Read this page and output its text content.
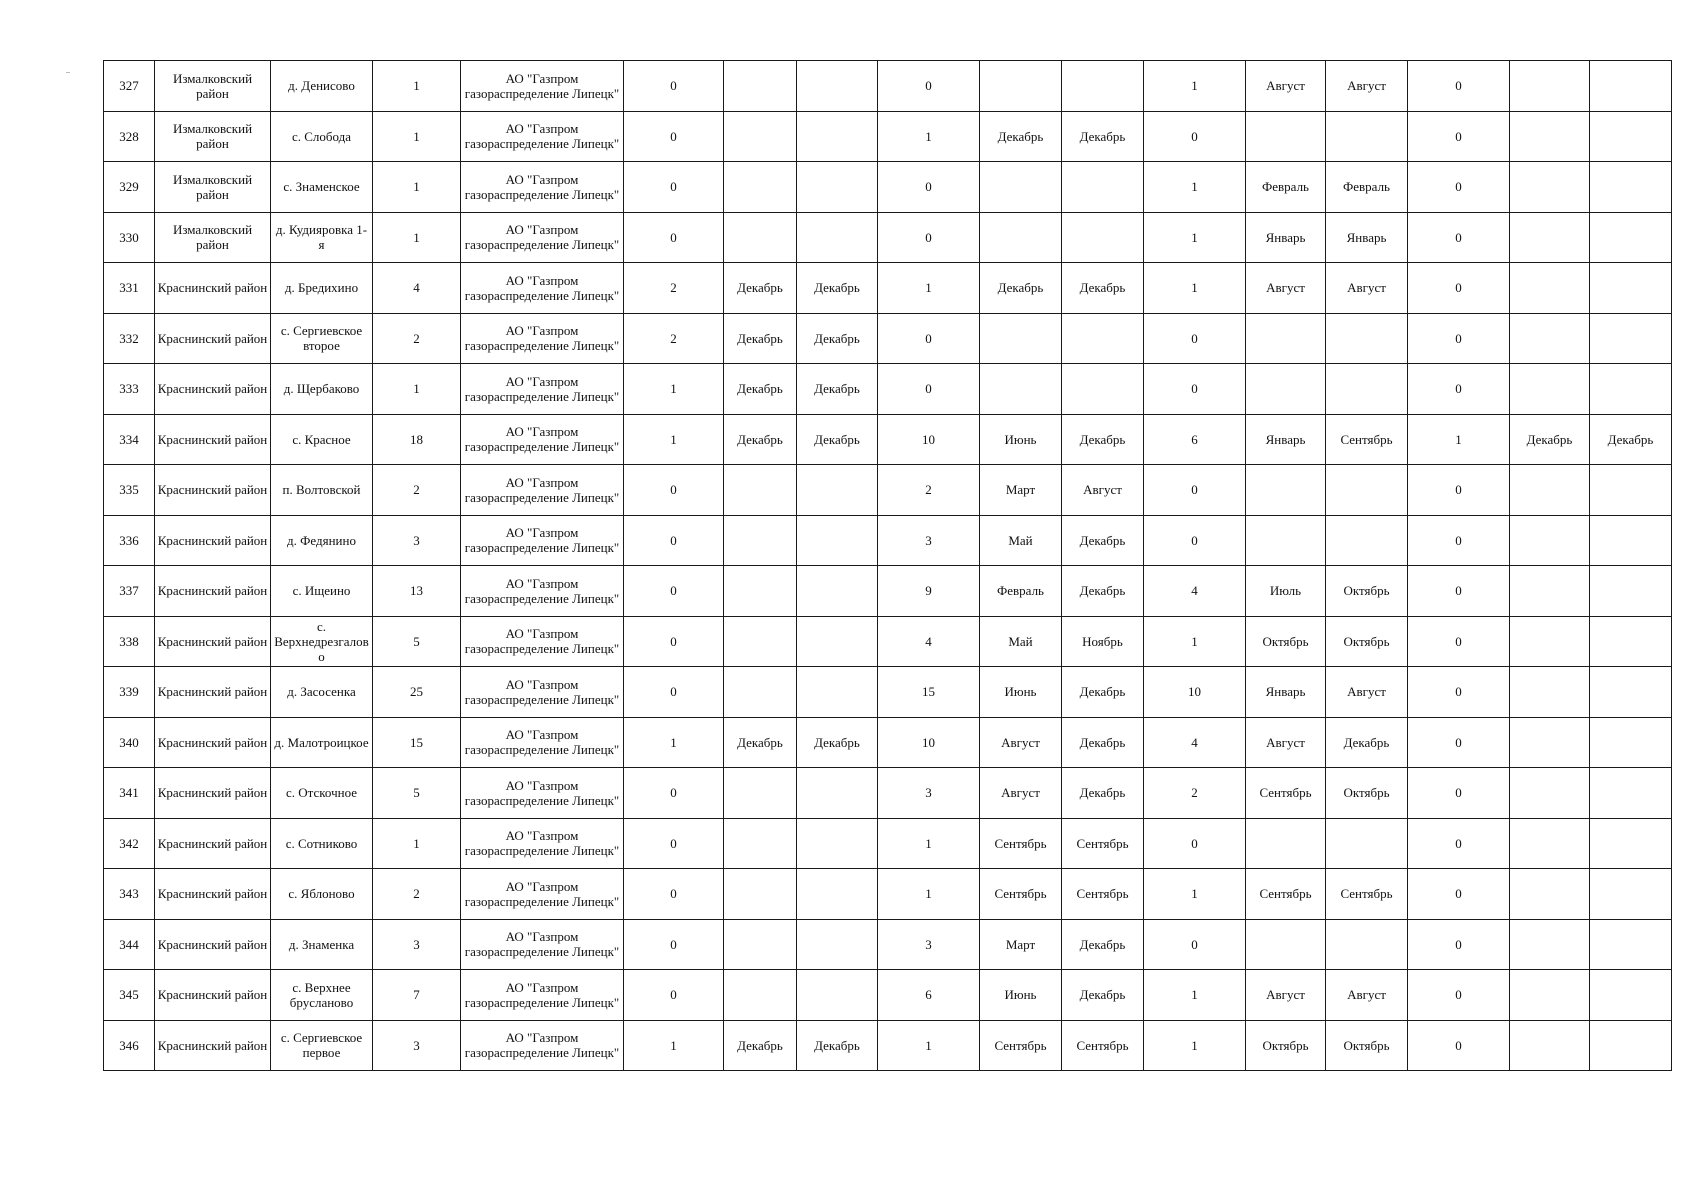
327	Измалковский район	д. Денисово	1	АО "Газпром газораспределение Липецк"	0			0			1	Август	Август	0		
328	Измалковский район	с. Слобода	1	АО "Газпром газораспределение Липецк"	0			1	Декабрь	Декабрь	0			0		
329	Измалковский район	с. Знаменское	1	АО "Газпром газораспределение Липецк"	0			0			1	Февраль	Февраль	0		
330	Измалковский район	д. Кудияровка 1-я	1	АО "Газпром газораспределение Липецк"	0			0			1	Январь	Январь	0		
331	Краснинский район	д. Бредихино	4	АО "Газпром газораспределение Липецк"	2	Декабрь	Декабрь	1	Декабрь	Декабрь	1	Август	Август	0		
332	Краснинский район	с. Сергиевское второе	2	АО "Газпром газораспределение Липецк"	2	Декабрь	Декабрь	0			0			0		
333	Краснинский район	д. Щербаково	1	АО "Газпром газораспределение Липецк"	1	Декабрь	Декабрь	0			0			0		
334	Краснинский район	с. Красное	18	АО "Газпром газораспределение Липецк"	1	Декабрь	Декабрь	10	Июнь	Декабрь	6	Январь	Сентябрь	1	Декабрь	Декабрь
335	Краснинский район	п. Волтовской	2	АО "Газпром газораспределение Липецк"	0			2	Март	Август	0			0		
336	Краснинский район	д. Федянино	3	АО "Газпром газораспределение Липецк"	0			3	Май	Декабрь	0			0		
337	Краснинский район	с. Ищеино	13	АО "Газпром газораспределение Липецк"	0			9	Февраль	Декабрь	4	Июль	Октябрь	0		
338	Краснинский район	с. Верхнедрезгалово	5	АО "Газпром газораспределение Липецк"	0			4	Май	Ноябрь	1	Октябрь	Октябрь	0		
339	Краснинский район	д. Засосенка	25	АО "Газпром газораспределение Липецк"	0			15	Июнь	Декабрь	10	Январь	Август	0		
340	Краснинский район	д. Малотроицкое	15	АО "Газпром газораспределение Липецк"	1	Декабрь	Декабрь	10	Август	Декабрь	4	Август	Декабрь	0		
341	Краснинский район	с. Отскочное	5	АО "Газпром газораспределение Липецк"	0			3	Август	Декабрь	2	Сентябрь	Октябрь	0		
342	Краснинский район	с. Сотниково	1	АО "Газпром газораспределение Липецк"	0			1	Сентябрь	Сентябрь	0			0		
343	Краснинский район	с. Яблоново	2	АО "Газпром газораспределение Липецк"	0			1	Сентябрь	Сентябрь	1	Сентябрь	Сентябрь	0		
344	Краснинский район	д. Знаменка	3	АО "Газпром газораспределение Липецк"	0			3	Март	Декабрь	0			0		
345	Краснинский район	с. Верхнее брусланово	7	АО "Газпром газораспределение Липецк"	0			6	Июнь	Декабрь	1	Август	Август	0		
346	Краснинский район	с. Сергиевское первое	3	АО "Газпром газораспределение Липецк"	1	Декабрь	Декабрь	1	Сентябрь	Сентябрь	1	Октябрь	Октябрь	0		
